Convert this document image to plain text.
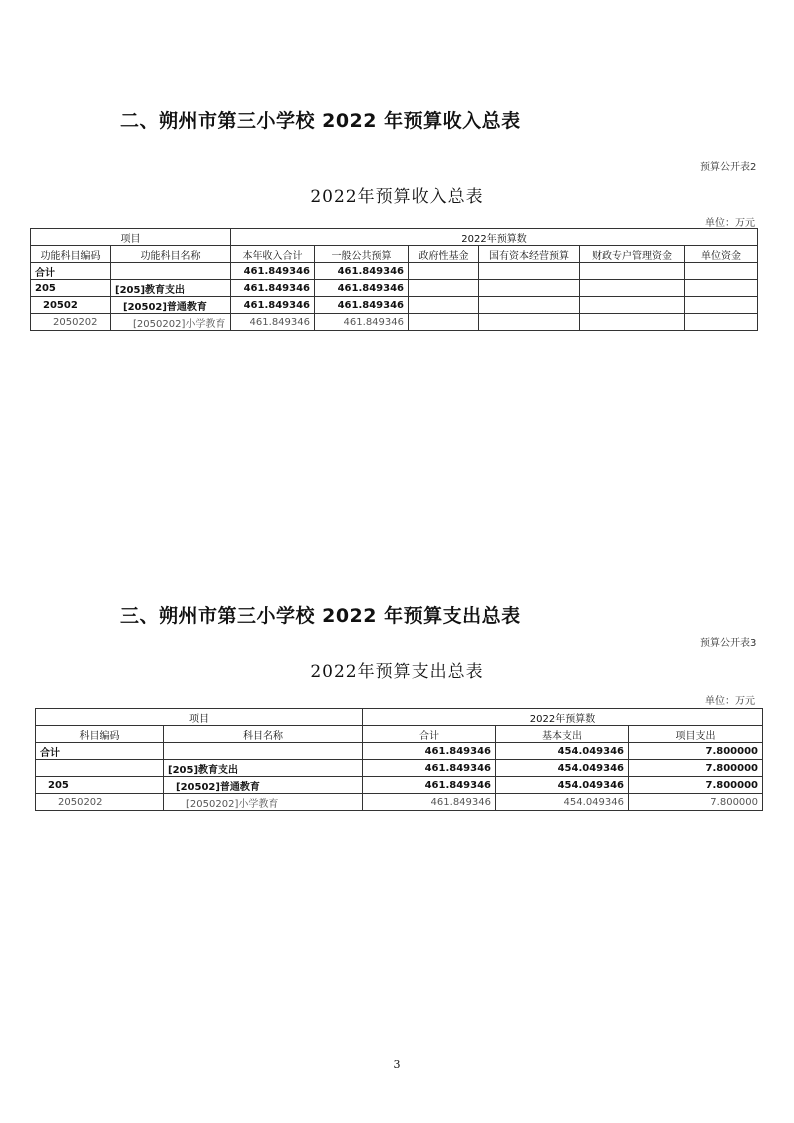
二、朔州市第三小学校 2022 年预算收入总表
预算公开表2
2022年预算收入总表
单位：万元
项目		2022年预算数					
功能科目编码	功能科目名称	本年收入合计	一般公共预算	政府性基金	国有资本经营预算	财政专户管理资金	单位资金
合计		461.849346	461.849346				
205	[205]教育支出	461.849346	461.849346				
20502	[20502]普通教育	461.849346	461.849346				
2050202	[2050202]小学教育	461.849346	461.849346				
三、朔州市第三小学校 2022 年预算支出总表
预算公开表3
2022年预算支出总表
单位：万元
项目		2022年预算数		
科目编码	科目名称	合计	基本支出	项目支出
合计		461.849346	454.049346	7.800000
	[205]教育支出	461.849346	454.049346	7.800000
205	[20502]普通教育	461.849346	454.049346	7.800000
2050202	[2050202]小学教育	461.849346	454.049346	7.800000
3
